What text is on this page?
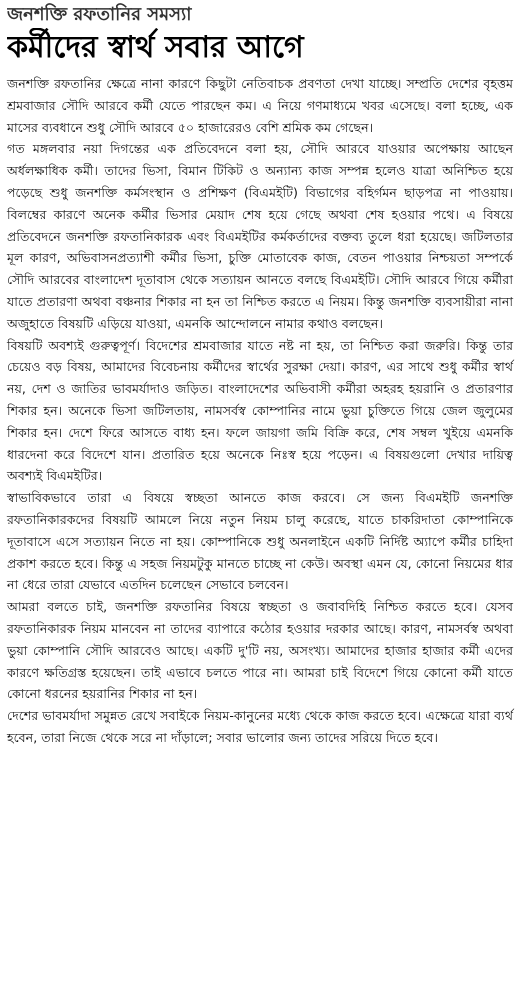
জনশক্তি রফতানির সমস্যা
কর্মীদের স্বার্থ সবার আগে

জনশক্তি রফতানির ক্ষেত্রে নানা কারণে কিছুটা নেতিবাচক প্রবণতা দেখা যাচ্ছে। সম্প্রতি দেশের বৃহত্তম শ্রমবাজার সৌদি আরবে কর্মী যেতে পারছেন কম। এ নিয়ে গণমাধ্যমে খবর এসেছে। বলা হচ্ছে, এক মাসের ব্যবধানে শুধু সৌদি আরবে ৫০ হাজারেরও বেশি শ্রমিক কম গেছেন।

গত মঙ্গলবার নয়া দিগন্তের এক প্রতিবেদনে বলা হয়, সৌদি আরবে যাওয়ার অপেক্ষায় আছেন অর্ধলক্ষাধিক কর্মী। তাদের ভিসা, বিমান টিকিট ও অন্যান্য কাজ সম্পন্ন হলেও যাত্রা অনিশ্চিত হয়ে পড়েছে শুধু জনশক্তি কর্মসংস্থান ও প্রশিক্ষণ (বিএমইটি) বিভাগের বহির্গমন ছাড়পত্র না পাওয়ায়। বিলম্বের কারণে অনেক কর্মীর ভিসার মেয়াদ শেষ হয়ে গেছে অথবা শেষ হওয়ার পথে। এ বিষয়ে প্রতিবেদনে জনশক্তি রফতানিকারক এবং বিএমইটির কর্মকর্তাদের বক্তব্য তুলে ধরা হয়েছে। জটিলতার মূল কারণ, অভিবাসনপ্রত্যাশী কর্মীর ভিসা, চুক্তি মোতাবেক কাজ, বেতন পাওয়ার নিশ্চয়তা সম্পর্কে সৌদি আরবের বাংলাদেশ দূতাবাস থেকে সত্যায়ন আনতে বলছে বিএমইটি। সৌদি আরবে গিয়ে কর্মীরা যাতে প্রতারণা অথবা বঞ্চনার শিকার না হন তা নিশ্চিত করতে এ নিয়ম। কিন্তু জনশক্তি ব্যবসায়ীরা নানা অজুহাতে বিষয়টি এড়িয়ে যাওয়া, এমনকি আন্দোলনে নামার কথাও বলছেন।

বিষয়টি অবশ্যই গুরুত্বপূর্ণ। বিদেশের শ্রমবাজার যাতে নষ্ট না হয়, তা নিশ্চিত করা জরুরি। কিন্তু তার চেয়েও বড় বিষয়, আমাদের বিবেচনায় কর্মীদের স্বার্থের সুরক্ষা দেয়া। কারণ, এর সাথে শুধু কর্মীর স্বার্থ নয়, দেশ ও জাতির ভাবমর্যাদাও জড়িত। বাংলাদেশের অভিবাসী কর্মীরা অহরহ হয়রানি ও প্রতারণার শিকার হন। অনেকে ভিসা জটিলতায়, নামসর্বস্ব কোম্পানির নামে ভুয়া চুক্তিতে গিয়ে জেল জুলুমের শিকার হন। দেশে ফিরে আসতে বাধ্য হন। ফলে জায়গা জমি বিক্রি করে, শেষ সম্বল খুইয়ে এমনকি ধারদেনা করে বিদেশে যান। প্রতারিত হয়ে অনেকে নিঃস্ব হয়ে পড়েন। এ বিষয়গুলো দেখার দায়িত্ব অবশ্যই বিএমইটির।

স্বাভাবিকভাবে তারা এ বিষয়ে স্বচ্ছতা আনতে কাজ করবে। সে জন্য বিএমইটি জনশক্তি রফতানিকারকদের বিষয়টি আমলে নিয়ে নতুন নিয়ম চালু করেছে, যাতে চাকরিদাতা কোম্পানিকে দূতাবাসে এসে সত্যায়ন নিতে না হয়। কোম্পানিকে শুধু অনলাইনে একটি নির্দিষ্ট অ্যাপে কর্মীর চাহিদা প্রকাশ করতে হবে। কিন্তু এ সহজ নিয়মটুকু মানতে চাচ্ছে না কেউ। অবস্থা এমন যে, কোনো নিয়মের ধার না ধেরে তারা যেভাবে এতদিন চলেছেন সেভাবে চলবেন।

আমরা বলতে চাই, জনশক্তি রফতানির বিষয়ে স্বচ্ছতা ও জবাবদিহি নিশ্চিত করতে হবে। যেসব রফতানিকারক নিয়ম মানবেন না তাদের ব্যাপারে কঠোর হওয়ার দরকার আছে। কারণ, নামসর্বস্ব অথবা ভুয়া কোম্পানি সৌদি আরবেও আছে। একটি দু'টি নয়, অসংখ্য। আমাদের হাজার হাজার কর্মী এদের কারণে ক্ষতিগ্রস্ত হয়েছেন। তাই এভাবে চলতে পারে না। আমরা চাই বিদেশে গিয়ে কোনো কর্মী যাতে কোনো ধরনের হয়রানির শিকার না হন।

দেশের ভাবমর্যাদা সমুন্নত রেখে সবাইকে নিয়ম-কানুনের মধ্যে থেকে কাজ করতে হবে। এক্ষেত্রে যারা ব্যর্থ হবেন, তারা নিজে থেকে সরে না দাঁড়ালে; সবার ভালোর জন্য তাদের সরিয়ে দিতে হবে।
